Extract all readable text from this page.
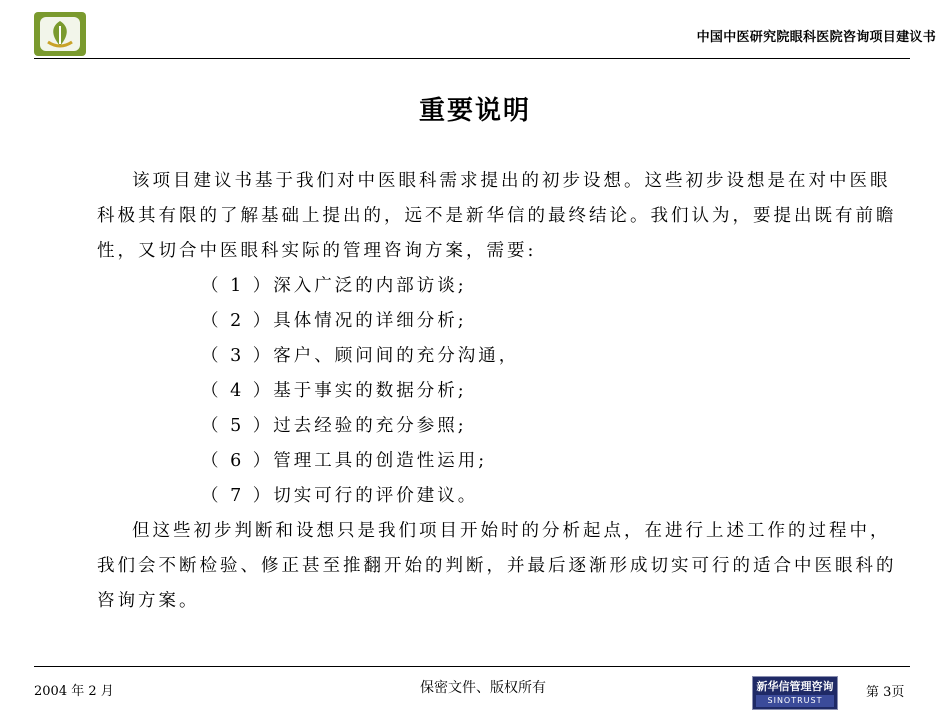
中国中医研究院眼科医院咨询项目建议书
重要说明

该项目建议书基于我们对中医眼科需求提出的初步设想。这些初步设想是在对中医眼科极其有限的了解基础上提出的，远不是新华信的最终结论。我们认为，要提出既有前瞻性，又切合中医眼科实际的管理咨询方案，需要:

（ 1 ）深入广泛的内部访谈;

（ 2 ）具体情况的详细分析;

（ 3 ）客户、顾问间的充分沟通，

（ 4 ）基于事实的数据分析;

（ 5 ）过去经验的充分参照;

（ 6 ）管理工具的创造性运用;

（ 7 ）切实可行的评价建议。

但这些初步判断和设想只是我们项目开始时的分析起点，在进行上述工作的过程中，我们会不断检验、修正甚至推翻开始的判断，并最后逐渐形成切实可行的适合中医眼科的咨询方案。

2004 年 2 月	保密文件、版权所有	新华信管理咨询
SINOTRUST
第 3页
